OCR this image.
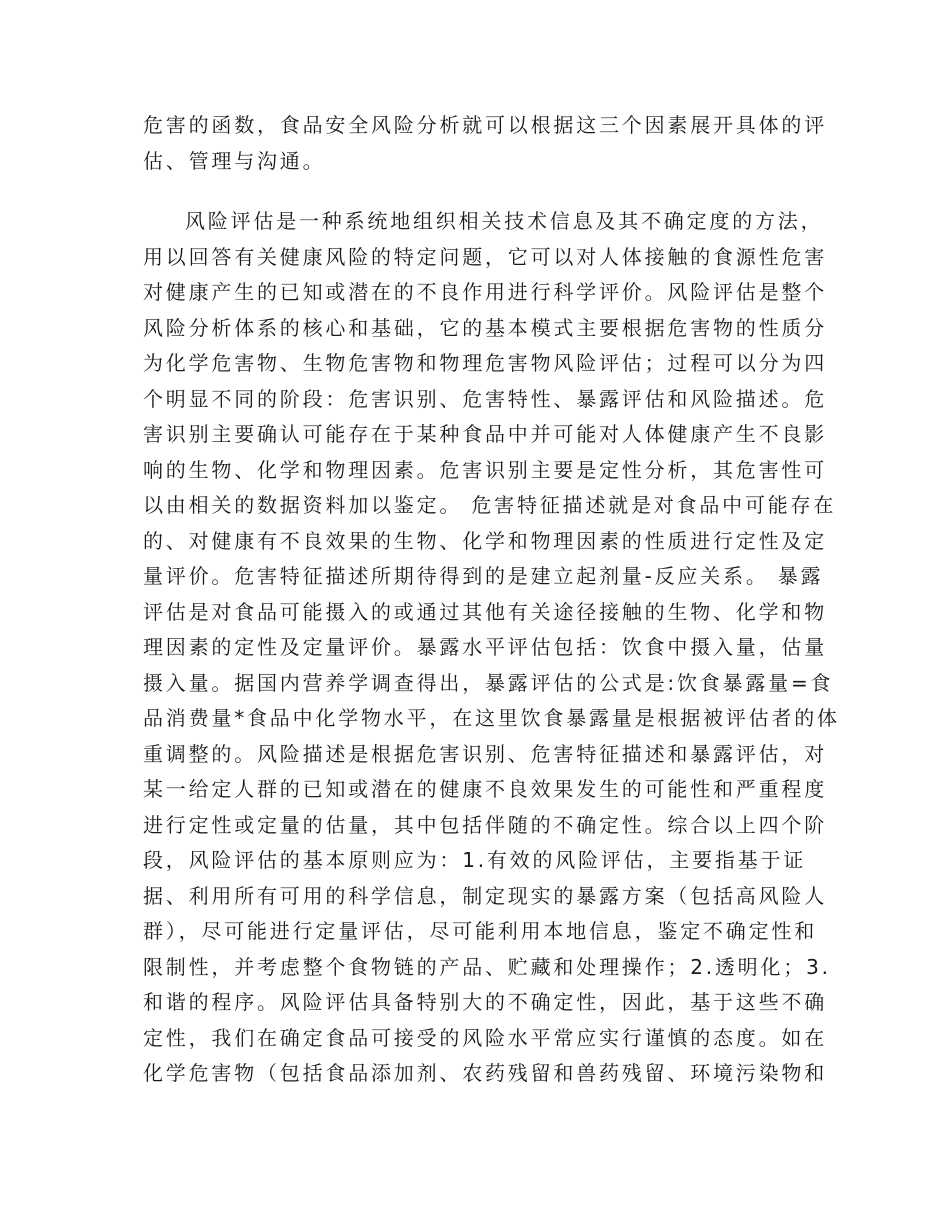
危害的函数，食品安全风险分析就可以根据这三个因素展开具体的评
估、管理与沟通。
风险评估是一种系统地组织相关技术信息及其不确定度的方法，
用以回答有关健康风险的特定问题，它可以对人体接触的食源性危害
对健康产生的已知或潜在的不良作用进行科学评价。风险评估是整个
风险分析体系的核心和基础，它的基本模式主要根据危害物的性质分
为化学危害物、生物危害物和物理危害物风险评估；过程可以分为四
个明显不同的阶段：危害识别、危害特性、暴露评估和风险描述。危
害识别主要确认可能存在于某种食品中并可能对人体健康产生不良影
响的生物、化学和物理因素。危害识别主要是定性分析，其危害性可
以由相关的数据资料加以鉴定。 危害特征描述就是对食品中可能存在
的、对健康有不良效果的生物、化学和物理因素的性质进行定性及定
量评价。危害特征描述所期待得到的是建立起剂量-反应关系。 暴露
评估是对食品可能摄入的或通过其他有关途径接触的生物、化学和物
理因素的定性及定量评价。暴露水平评估包括：饮食中摄入量，估量
摄入量。据国内营养学调查得出，暴露评估的公式是:饮食暴露量=食
品消费量*食品中化学物水平，在这里饮食暴露量是根据被评估者的体
重调整的。风险描述是根据危害识别、危害特征描述和暴露评估，对
某一给定人群的已知或潜在的健康不良效果发生的可能性和严重程度
进行定性或定量的估量，其中包括伴随的不确定性。综合以上四个阶
段，风险评估的基本原则应为：1.有效的风险评估，主要指基于证
据、利用所有可用的科学信息，制定现实的暴露方案（包括高风险人
群），尽可能进行定量评估，尽可能利用本地信息，鉴定不确定性和
限制性，并考虑整个食物链的产品、贮藏和处理操作；2.透明化；3.
和谐的程序。风险评估具备特别大的不确定性，因此，基于这些不确
定性，我们在确定食品可接受的风险水平常应实行谨慎的态度。如在
化学危害物（包括食品添加剂、农药残留和兽药残留、环境污染物和
